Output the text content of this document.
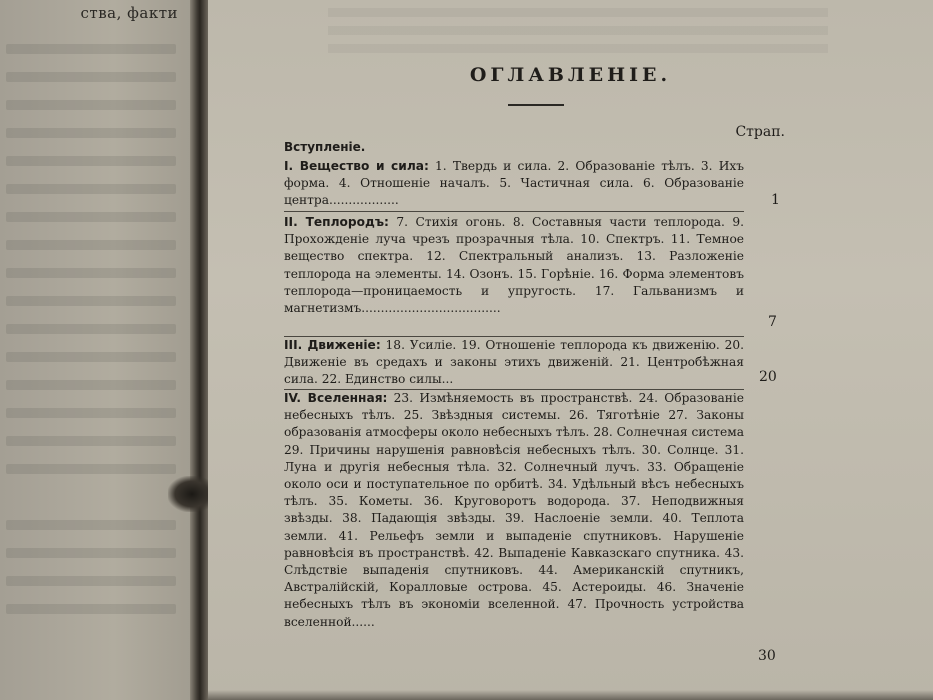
ства, факти
ОГЛАВЛЕНІЕ.
Страп.
Вступленіе.
I. Вещество и сила: 1. Твердь и сила. 2. Образованіе тѣлъ. 3. Ихъ форма. 4. Отношеніе началъ. 5. Частичная сила. 6. Образованіе центра..................	1
II. Теплородъ: 7. Стихія огонь. 8. Составныя части теплорода. 9. Прохожденіе луча чрезъ прозрачныя тѣла. 10. Спектръ. 11. Темное вещество спектра. 12. Спектральный анализъ. 13. Разложеніе теплорода на элементы. 14. Озонъ. 15. Горѣніе. 16. Форма элементовъ теплорода—проницаемость и упругость. 17. Гальванизмъ и магнетизмъ....................................
7
III. Движеніе: 18. Усиліе. 19. Отношеніе теплорода къ движенію. 20. Движеніе въ средахъ и законы этихъ движеній. 21. Центробѣжная сила. 22. Единство силы...	20
IV. Вселенная: 23. Измѣняемость въ пространствѣ. 24. Образованіе небесныхъ тѣлъ. 25. Звѣздныя системы. 26. Тяготѣніе 27. Законы образованія атмосферы около небесныхъ тѣлъ. 28. Солнечная система 29. Причины нарушенія равновѣсія небесныхъ тѣлъ. 30. Солнце. 31. Луна и другія небесныя тѣла. 32. Солнечный лучъ. 33. Обращеніе около оси и поступательное по орбитѣ. 34. Удѣльный вѣсъ небесныхъ тѣлъ. 35. Кометы. 36. Круговоротъ водорода. 37. Неподвижныя звѣзды. 38. Падающія звѣзды. 39. Наслоеніе земли. 40. Теплота земли. 41. Рельефъ земли и выпаденіе спутниковъ. Нарушеніе равновѣсія въ пространствѣ. 42. Выпаденіе Кавказскаго спутника. 43. Слѣдствіе выпаденія спутниковъ. 44. Американскій спутникъ, Австралійскій, Коралловые острова. 45. Астероиды. 46. Значеніе небесныхъ тѣлъ въ экономіи вселенной. 47. Прочность устройства вселенной......
30
